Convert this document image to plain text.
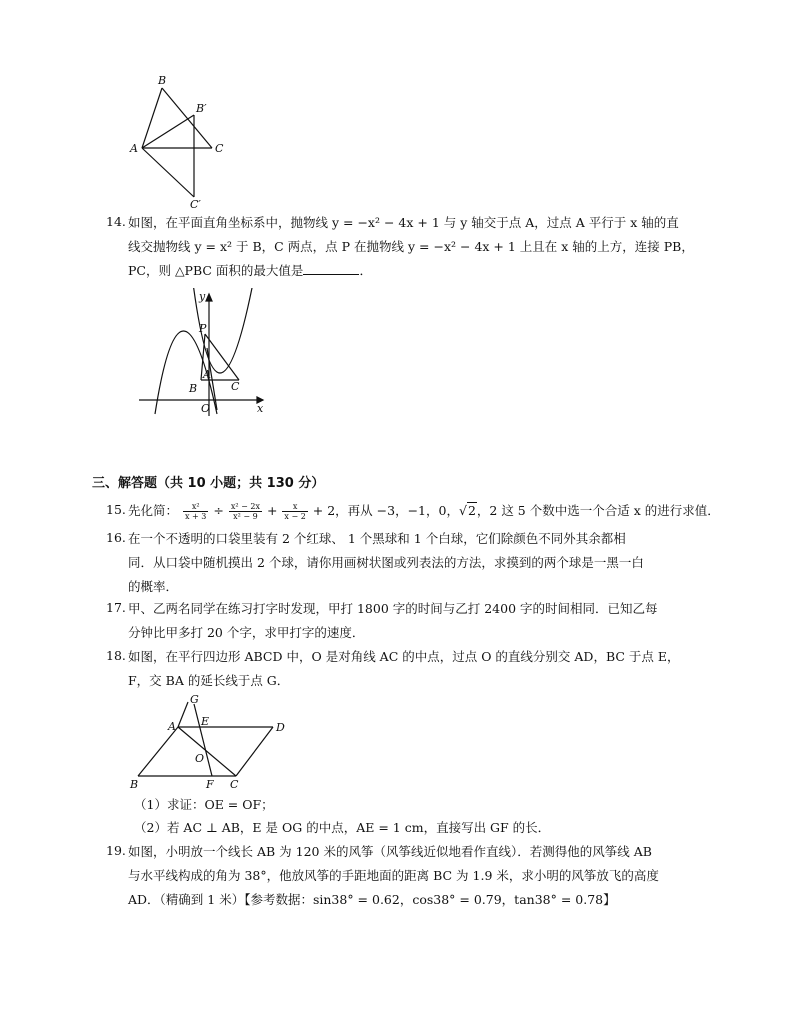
B
B′
A	C
C′
14. 如图，在平面直角坐标系中，抛物线 y = −x² − 4x + 1 与 y 轴交于点 A，过点 A 平行于 x 轴的直
线交抛物线 y = x² 于 B，C 两点，点 P 在抛物线 y = −x² − 4x + 1 上且在 x 轴的上方，连接 PB，
PC，则 △PBC 面积的最大值是	．
y
P
A
B	C
O	x
三、解答题（共 10 小题；共 130 分）
15. 先化简： $\frac{\text{x²}}{x + 3} \div \frac{\text{x² − 2x}}{\text{x² − 9}} + \frac{x}{x - 2} + 2$，再从 −3，−1，0，√2，2 这 5 个数中选一个合适 x 的进行求值．
16. 在一个不透明的口袋里装有 2 个红球、 1 个黑球和 1 个白球，它们除颜色不同外其余都相
同．从口袋中随机摸出 2 个球，请你用画树状图或列表法的方法，求摸到的两个球是一黑一白
的概率．
17. 甲、乙两名同学在练习打字时发现，甲打 1800 字的时间与乙打 2400 字的时间相同．已知乙每
分钟比甲多打 20 个字，求甲打字的速度．
18. 如图，在平行四边形 ABCD 中，O 是对角线 AC 的中点，过点 O 的直线分别交 AD，BC 于点 E，
F，交 BA 的延长线于点 G．
G
A E	D
O
B	F C
（1）求证：OE = OF；
（2）若 AC ⊥ AB，E 是 OG 的中点，AE = 1 cm，直接写出 GF 的长．
19. 如图，小明放一个线长 AB 为 120 米的风筝（风筝线近似地看作直线）．若测得他的风筝线 AB
与水平线构成的角为 38°，他放风筝的手距地面的距离 BC 为 1.9 米，求小明的风筝放飞的高度
AD．（精确到 1 米）【参考数据：sin38° = 0.62，cos38° = 0.79，tan38° = 0.78】
